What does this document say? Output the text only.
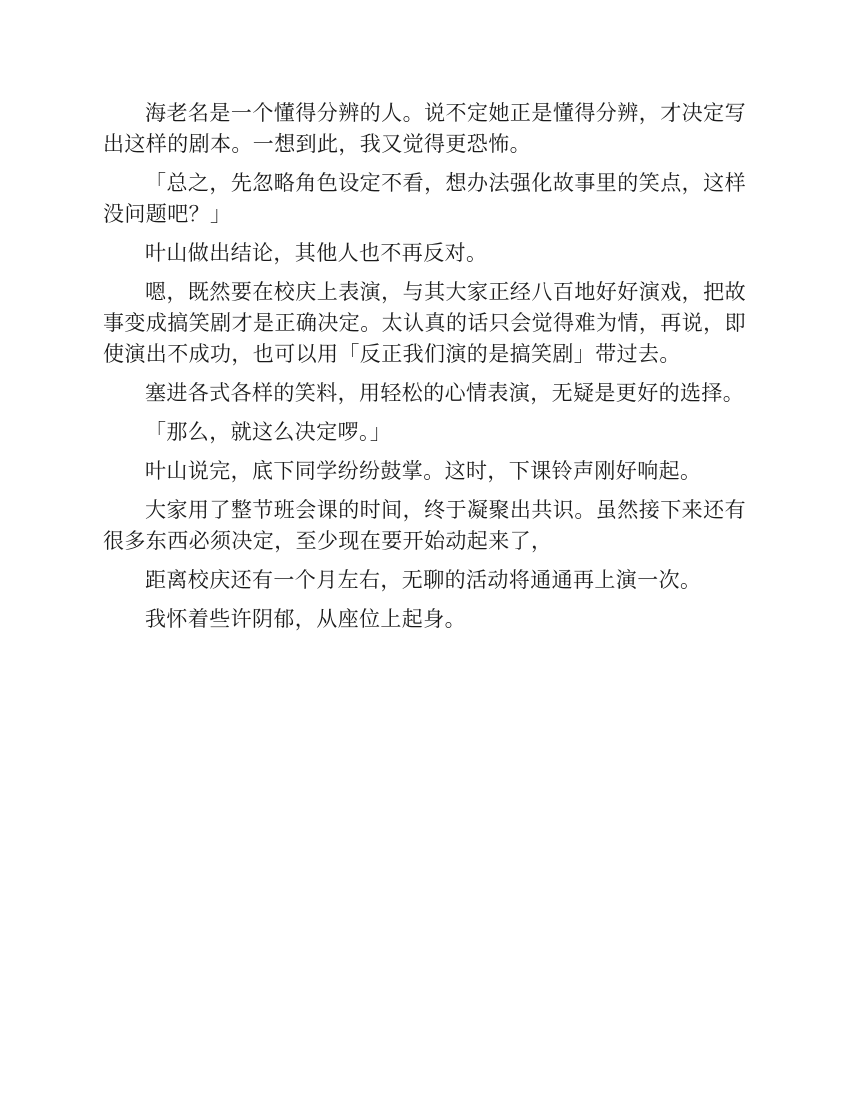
海老名是一个懂得分辨的人。说不定她正是懂得分辨，才决定写出这样的剧本。一想到此，我又觉得更恐怖。

「总之，先忽略角色设定不看，想办法强化故事里的笑点，这样没问题吧？」

叶山做出结论，其他人也不再反对。

嗯，既然要在校庆上表演，与其大家正经八百地好好演戏，把故事变成搞笑剧才是正确决定。太认真的话只会觉得难为情，再说，即使演出不成功，也可以用「反正我们演的是搞笑剧」带过去。

塞进各式各样的笑料，用轻松的心情表演，无疑是更好的选择。

「那么，就这么决定啰。」

叶山说完，底下同学纷纷鼓掌。这时，下课铃声刚好响起。

大家用了整节班会课的时间，终于凝聚出共识。虽然接下来还有很多东西必须决定，至少现在要开始动起来了，

距离校庆还有一个月左右，无聊的活动将通通再上演一次。

我怀着些许阴郁，从座位上起身。
